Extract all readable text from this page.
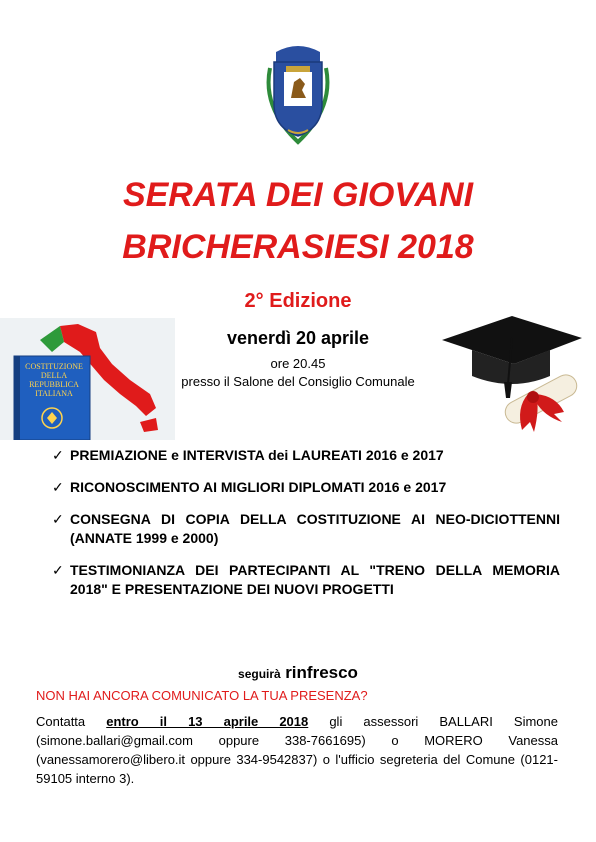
SERATA DEI GIOVANI
BRICHERASIESI 2018
2° Edizione
COSTITUZIONE DELLA REPUBBLICA ITALIANA
venerdì 20 aprile
ore 20.45
presso il Salone del Consiglio Comunale
✓ PREMIAZIONE e INTERVISTA dei LAUREATI 2016 e 2017
✓ RICONOSCIMENTO AI MIGLIORI DIPLOMATI 2016 e 2017
✓ CONSEGNA DI COPIA DELLA COSTITUZIONE AI NEO-DICIOTTENNI (ANNATE 1999 e 2000)
✓ TESTIMONIANZA DEI PARTECIPANTI AL "TRENO DELLA MEMORIA 2018" E PRESENTAZIONE DEI NUOVI PROGETTI
seguirà rinfresco
NON HAI ANCORA COMUNICATO LA TUA PRESENZA?
Contatta entro il 13 aprile 2018 gli assessori BALLARI Simone (simone.ballari@gmail.com oppure 338-7661695) o MORERO Vanessa (vanessamorero@libero.it oppure 334-9542837) o l'ufficio segreteria del Comune (0121-59105 interno 3).
